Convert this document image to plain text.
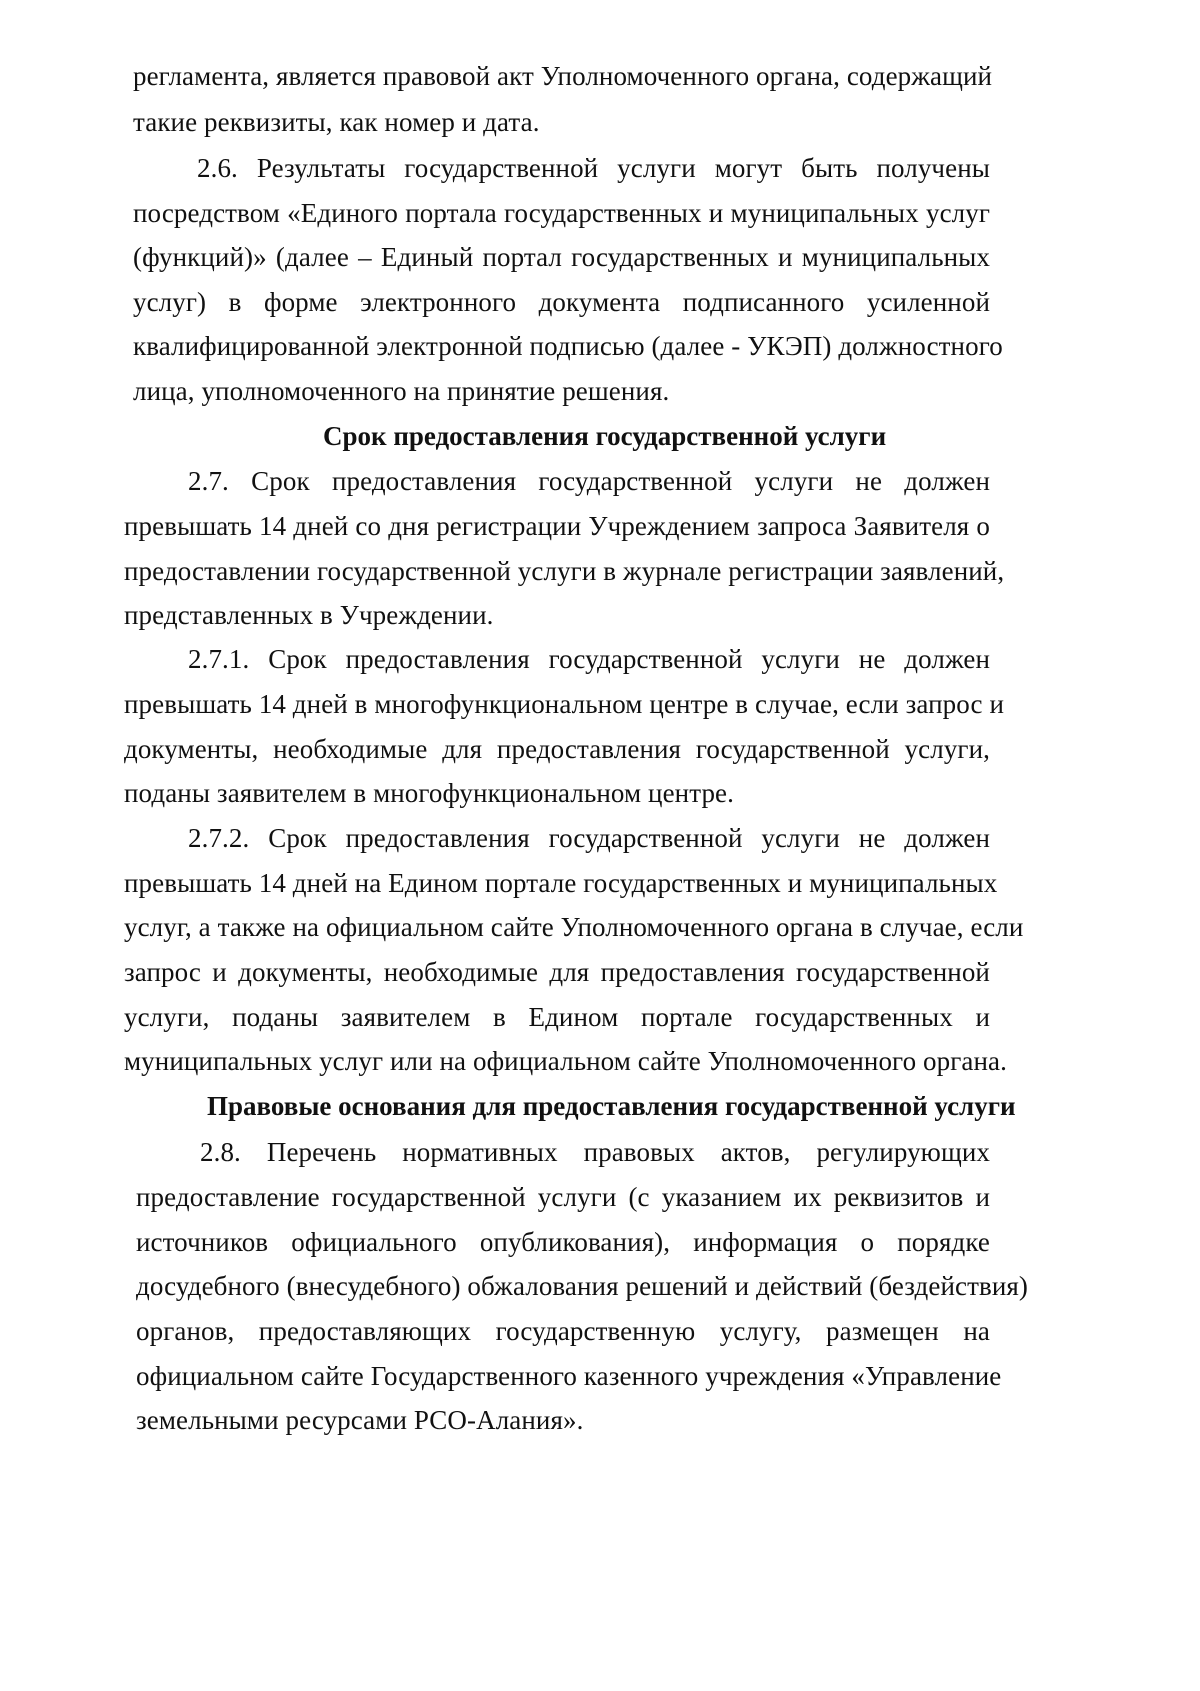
регламента, является правовой акт Уполномоченного органа, содержащий

такие реквизиты, как номер и дата.

2.6. Результаты государственной услуги могут быть получены

посредством «Единого портала государственных и муниципальных услуг

(функций)» (далее – Единый портал государственных и муниципальных

услуг) в форме электронного документа подписанного усиленной

квалифицированной электронной подписью (далее - УКЭП) должностного

лица, уполномоченного на принятие решения.

Срок предоставления государственной услуги

2.7. Срок предоставления государственной услуги не должен

превышать 14 дней со дня регистрации Учреждением запроса Заявителя о

предоставлении государственной услуги в журнале регистрации заявлений,

представленных в Учреждении.

2.7.1. Срок предоставления государственной услуги не должен

превышать 14 дней в многофункциональном центре в случае, если запрос и

документы, необходимые для предоставления государственной услуги,

поданы заявителем в многофункциональном центре.

2.7.2. Срок предоставления государственной услуги не должен

превышать 14 дней на Едином портале государственных и муниципальных

услуг, а также на официальном сайте Уполномоченного органа в случае, если

запрос и документы, необходимые для предоставления государственной

услуги, поданы заявителем в Едином портале государственных и

муниципальных услуг или на официальном сайте Уполномоченного органа.

Правовые основания для предоставления государственной услуги

2.8. Перечень нормативных правовых актов, регулирующих

предоставление государственной услуги (с указанием их реквизитов и

источников официального опубликования), информация о порядке

досудебного (внесудебного) обжалования решений и действий (бездействия)

органов, предоставляющих государственную услугу, размещен на

официальном сайте Государственного казенного учреждения «Управление

земельными ресурсами РСО-Алания».
